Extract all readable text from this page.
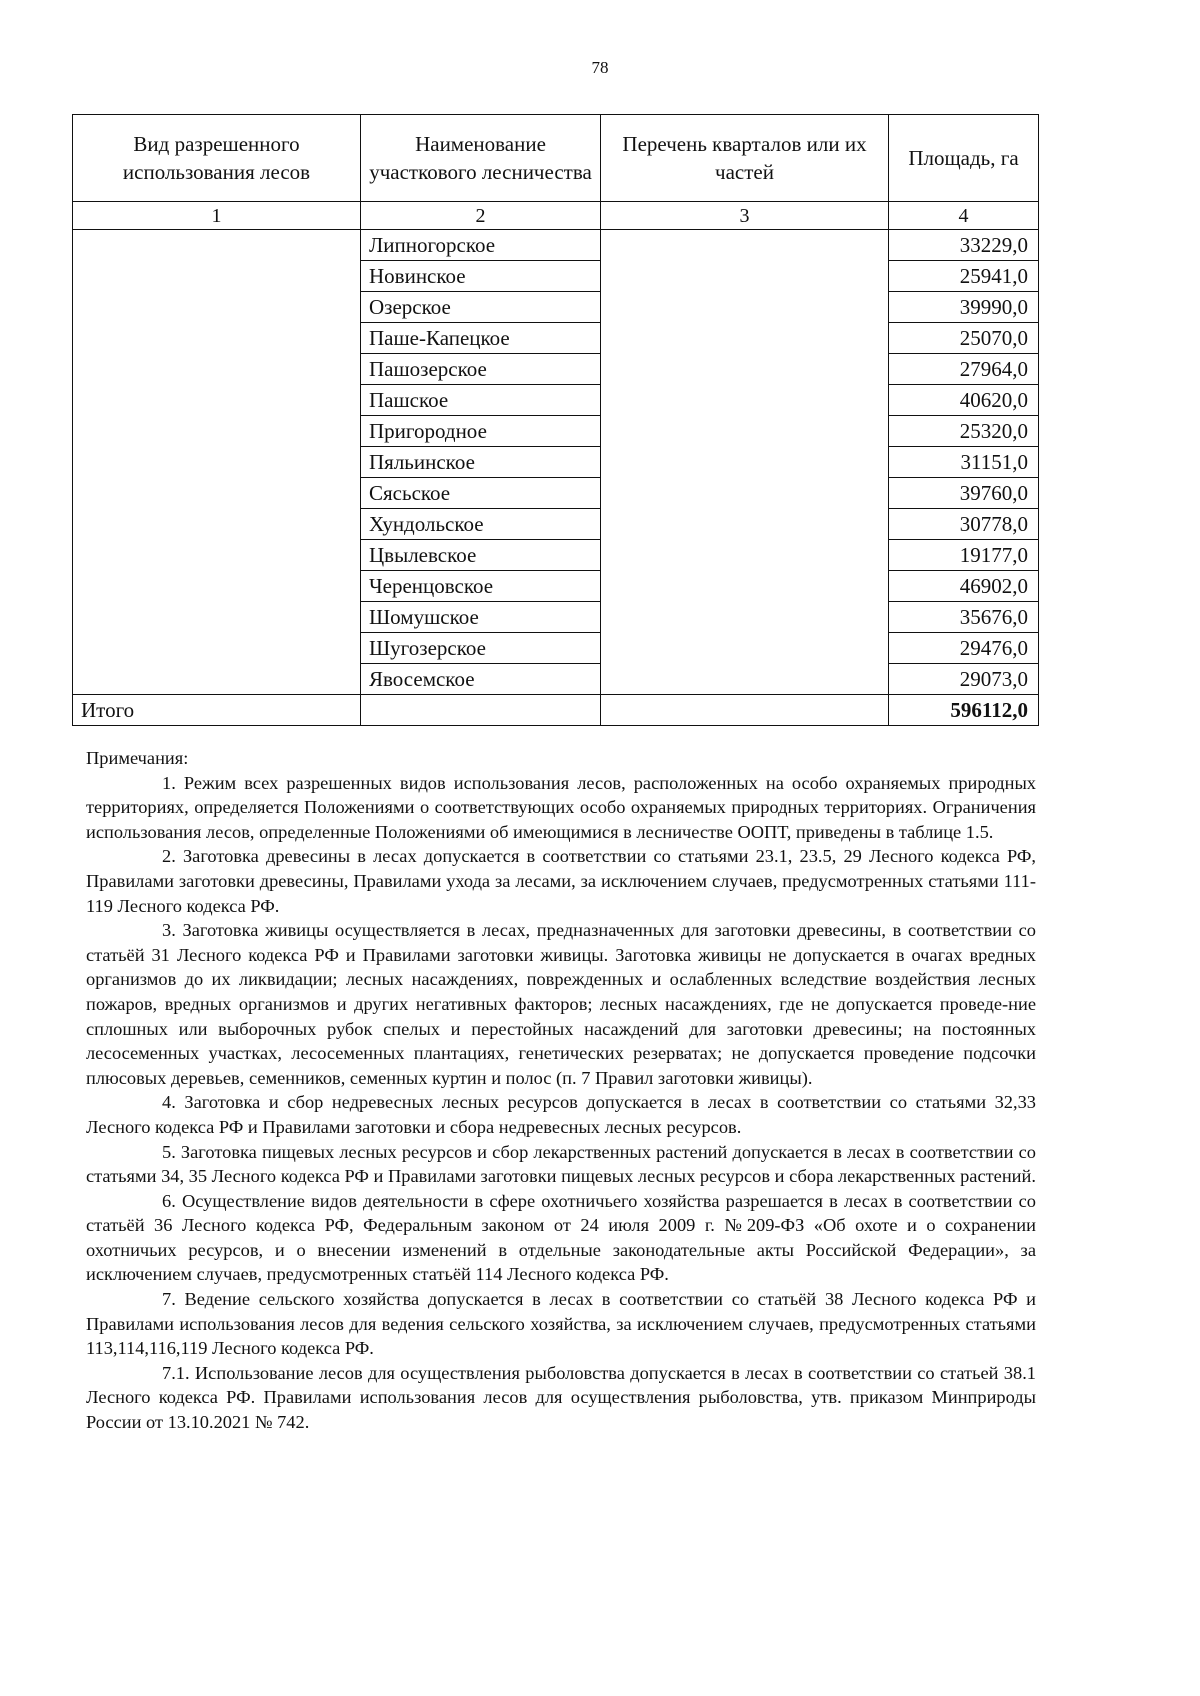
78
Вид разрешенного использования лесов	Наименование участкового лесничества	Перечень кварталов или их частей	Площадь, га
1	2	3	4
	Липногорское		33229,0
	Новинское		25941,0
	Озерское		39990,0
	Паше-Капецкое		25070,0
	Пашозерское		27964,0
	Пашское		40620,0
	Пригородное		25320,0
	Пяльинское		31151,0
	Сясьское		39760,0
	Хундольское		30778,0
	Цвылевское		19177,0
	Черенцовское		46902,0
	Шомушское		35676,0
	Шугозерское		29476,0
	Явосемское		29073,0
Итого			596112,0

Примечания:

1. Режим всех разрешенных видов использования лесов, расположенных на особо охраняемых природных территориях, определяется Положениями о соответствующих особо охраняемых природных территориях. Ограничения использования лесов, определенные Положениями об имеющимися в лесничестве ООПТ, приведены в таблице 1.5.

2. Заготовка древесины в лесах допускается в соответствии со статьями 23.1, 23.5, 29 Лесного кодекса РФ, Правилами заготовки древесины, Правилами ухода за лесами, за исключением случаев, предусмотренных статьями 111-119 Лесного кодекса РФ.

3. Заготовка живицы осуществляется в лесах, предназначенных для заготовки древесины, в соответствии со статьёй 31 Лесного кодекса РФ и Правилами заготовки живицы. Заготовка живицы не допускается в очагах вредных организмов до их ликвидации; лесных насаждениях, поврежденных и ослабленных вследствие воздействия лесных пожаров, вредных организмов и других негативных факторов; лесных насаждениях, где не допускается проведе-ние сплошных или выборочных рубок спелых и перестойных насаждений для заготовки древесины; на постоянных лесосеменных участках, лесосеменных плантациях, генетических резерватах; не допускается проведение подсочки плюсовых деревьев, семенников, семенных куртин и полос (п. 7 Правил заготовки живицы).

4. Заготовка и сбор недревесных лесных ресурсов допускается в лесах в соответствии со статьями 32,33 Лесного кодекса РФ и Правилами заготовки и сбора недревесных лесных ресурсов.

5. Заготовка пищевых лесных ресурсов и сбор лекарственных растений допускается в лесах в соответствии со статьями 34, 35 Лесного кодекса РФ и Правилами заготовки пищевых лесных ресурсов и сбора лекарственных растений.

6. Осуществление видов деятельности в сфере охотничьего хозяйства разрешается в лесах в соответствии со статьёй 36 Лесного кодекса РФ, Федеральным законом от 24 июля 2009 г. №209-ФЗ «Об охоте и о сохранении охотничьих ресурсов, и о внесении изменений в отдельные законодательные акты Российской Федерации», за исключением случаев, предусмотренных статьёй 114 Лесного кодекса РФ.

7. Ведение сельского хозяйства допускается в лесах в соответствии со статьёй 38 Лесного кодекса РФ и Правилами использования лесов для ведения сельского хозяйства, за исключением случаев, предусмотренных статьями 113,114,116,119 Лесного кодекса РФ.

7.1. Использование лесов для осуществления рыболовства допускается в лесах в соответствии со статьей 38.1 Лесного кодекса РФ. Правилами использования лесов для осуществления рыболовства, утв. приказом Минприроды России от 13.10.2021 № 742.
